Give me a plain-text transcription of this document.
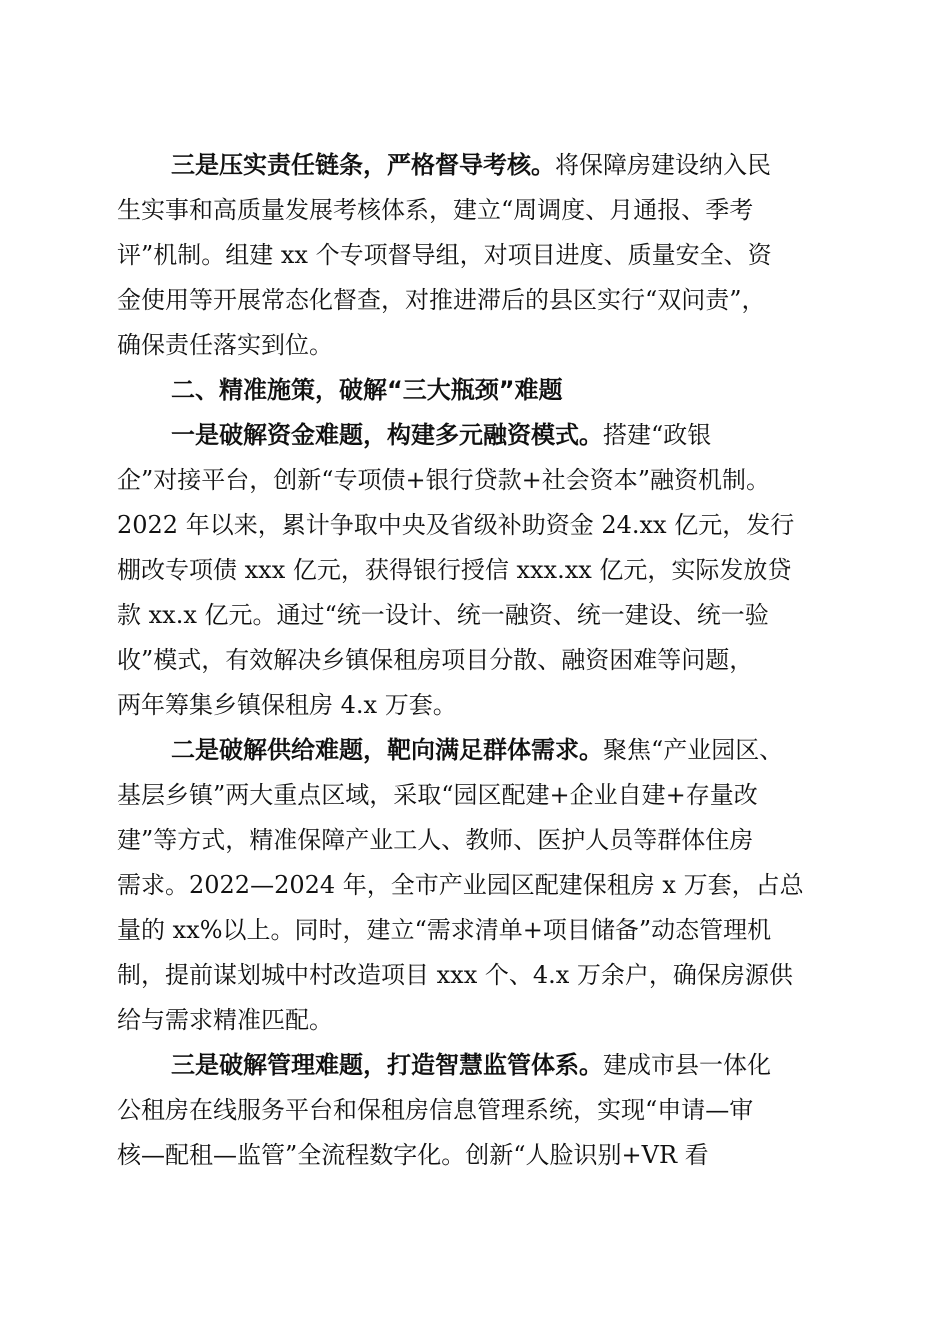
三是压实责任链条，严格督导考核。将保障房建设纳入民
生实事和高质量发展考核体系，建立“周调度、月通报、季考
评”机制。组建 xx 个专项督导组，对项目进度、质量安全、资
金使用等开展常态化督查，对推进滞后的县区实行“双问责”，
确保责任落实到位。
二、精准施策，破解“三大瓶颈”难题
一是破解资金难题，构建多元融资模式。搭建“政银
企”对接平台，创新“专项债+银行贷款+社会资本”融资机制。
2022 年以来，累计争取中央及省级补助资金 24.xx 亿元，发行
棚改专项债 xxx 亿元，获得银行授信 xxx.xx 亿元，实际发放贷
款 xx.x 亿元。通过“统一设计、统一融资、统一建设、统一验
收”模式，有效解决乡镇保租房项目分散、融资困难等问题，
两年筹集乡镇保租房 4.x 万套。
二是破解供给难题，靶向满足群体需求。聚焦“产业园区、
基层乡镇”两大重点区域，采取“园区配建+企业自建+存量改
建”等方式，精准保障产业工人、教师、医护人员等群体住房
需求。2022—2024 年，全市产业园区配建保租房 x 万套，占总
量的 xx%以上。同时，建立“需求清单+项目储备”动态管理机
制，提前谋划城中村改造项目 xxx 个、4.x 万余户，确保房源供
给与需求精准匹配。
三是破解管理难题，打造智慧监管体系。建成市县一体化
公租房在线服务平台和保租房信息管理系统，实现“申请—审
核—配租—监管”全流程数字化。创新“人脸识别+VR 看
